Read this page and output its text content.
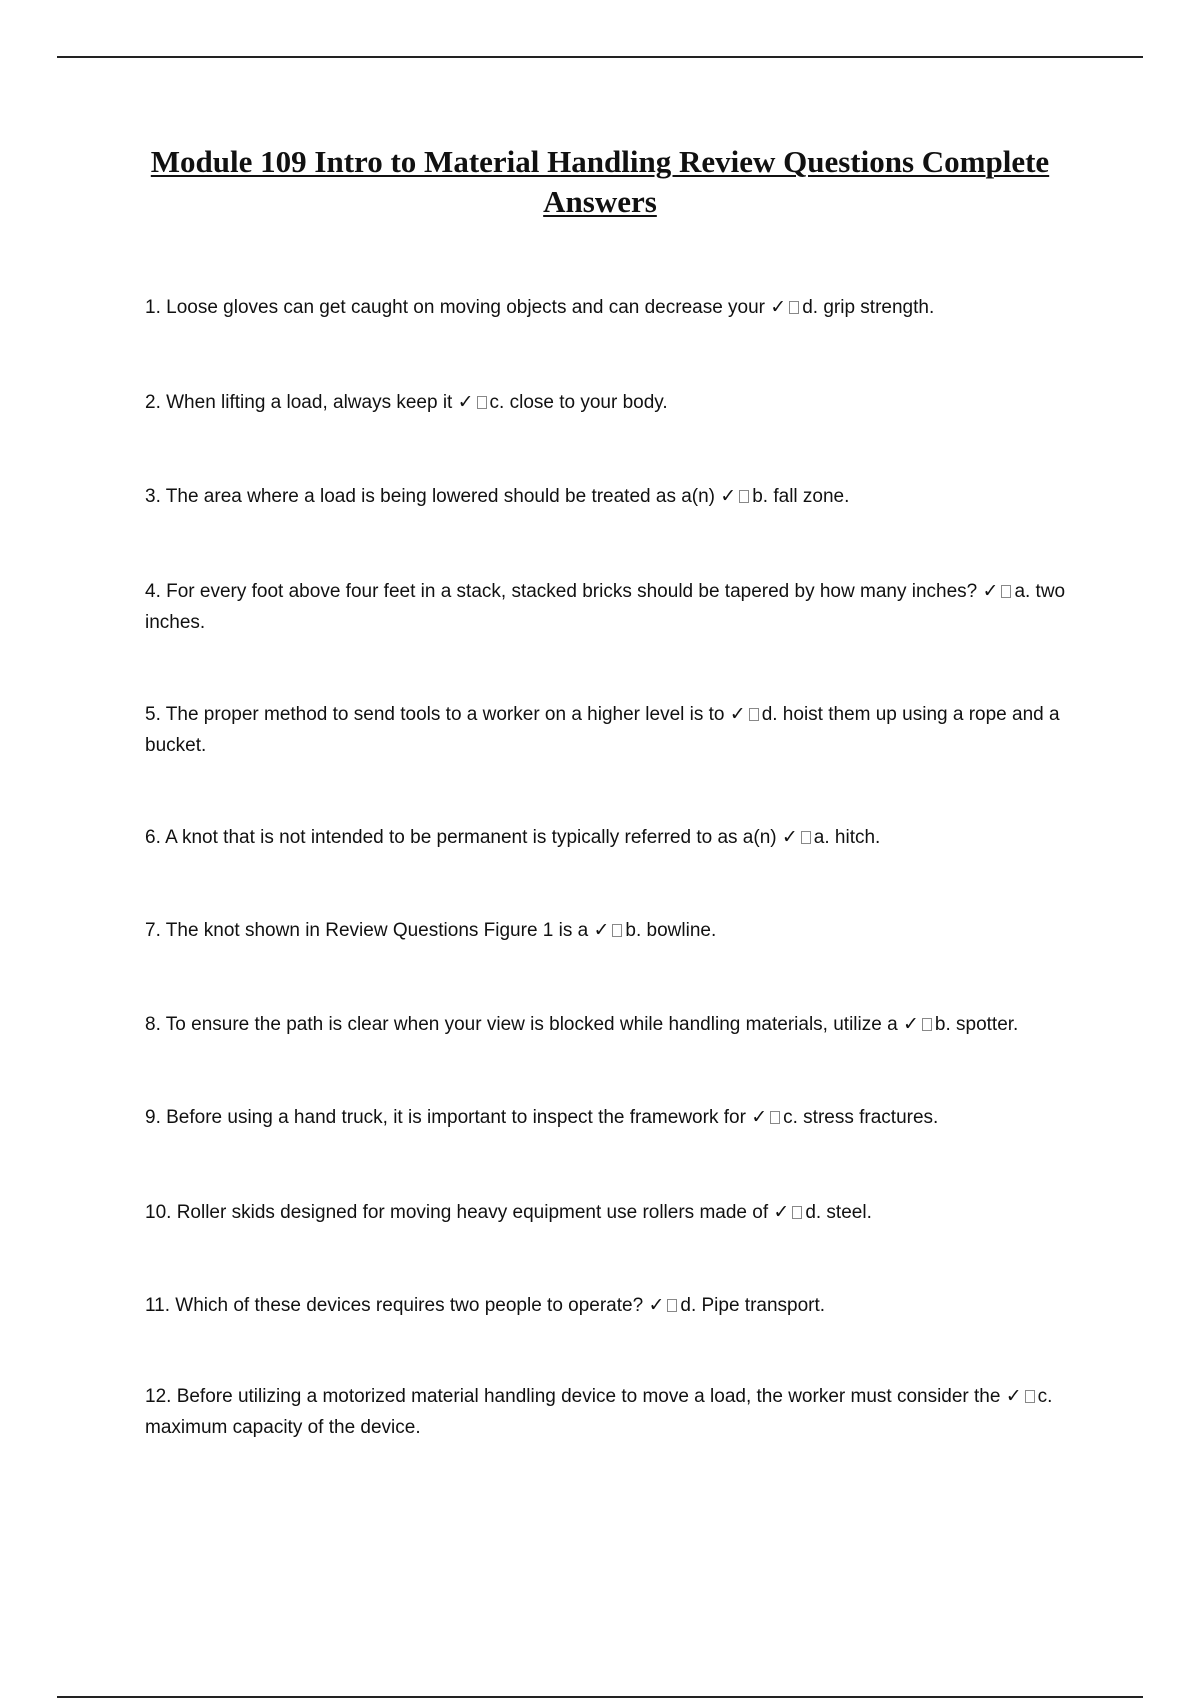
Module 109 Intro to Material Handling Review Questions Complete Answers

1. Loose gloves can get caught on moving objects and can decrease your ✓ d. grip strength.

2. When lifting a load, always keep it ✓ c. close to your body.

3. The area where a load is being lowered should be treated as a(n) ✓ b. fall zone.

4. For every foot above four feet in a stack, stacked bricks should be tapered by how many inches? ✓ a. two inches.

5. The proper method to send tools to a worker on a higher level is to ✓ d. hoist them up using a rope and a bucket.

6. A knot that is not intended to be permanent is typically referred to as a(n) ✓ a. hitch.

7. The knot shown in Review Questions Figure 1 is a ✓ b. bowline.

8. To ensure the path is clear when your view is blocked while handling materials, utilize a ✓ b. spotter.

9. Before using a hand truck, it is important to inspect the framework for ✓ c. stress fractures.

10. Roller skids designed for moving heavy equipment use rollers made of ✓ d. steel.

11. Which of these devices requires two people to operate? ✓ d. Pipe transport.

12. Before utilizing a motorized material handling device to move a load, the worker must consider the ✓ c. maximum capacity of the device.
